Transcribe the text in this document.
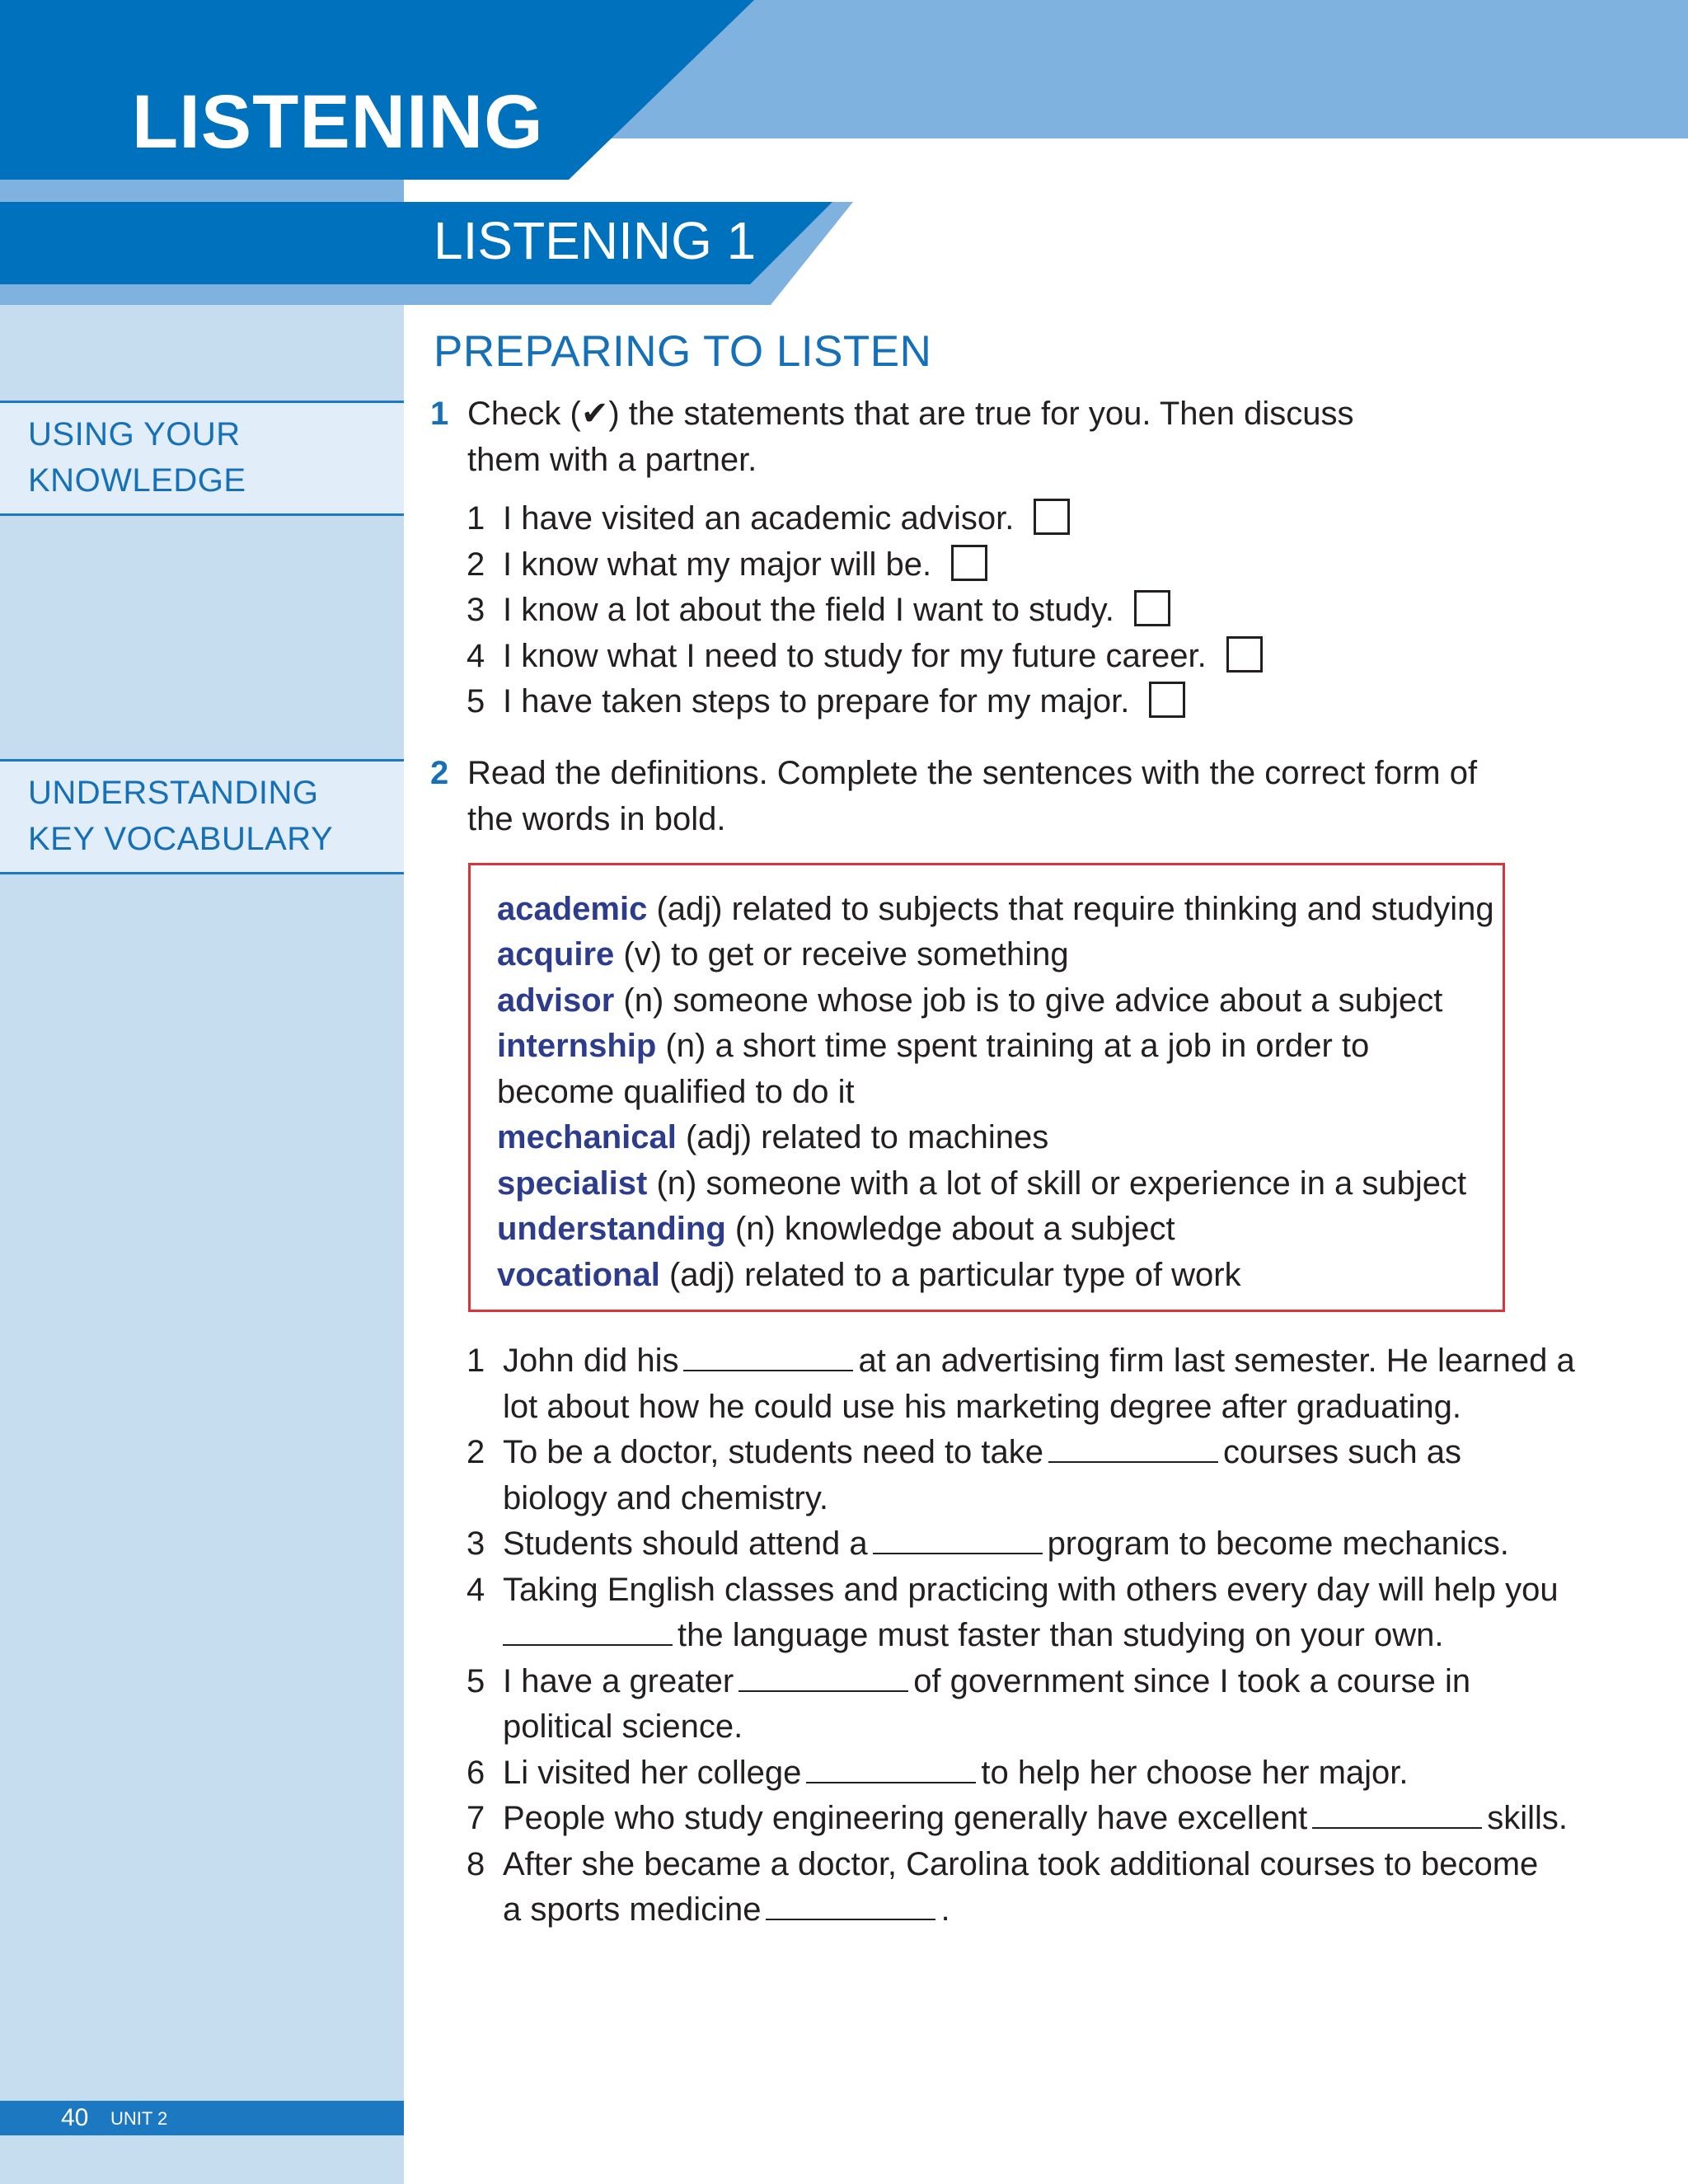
LISTENING
LISTENING 1
USING YOUR
KNOWLEDGE
UNDERSTANDING
KEY VOCABULARY
PREPARING TO LISTEN
1 Check (✔) the statements that are true for you. Then discuss
them with a partner.
1 I have visited an academic advisor.
2 I know what my major will be.
3 I know a lot about the field I want to study.
4 I know what I need to study for my future career.
5 I have taken steps to prepare for my major.
2 Read the definitions. Complete the sentences with the correct form of
the words in bold.
academic (adj) related to subjects that require thinking and studying
acquire (v) to get or receive something
advisor (n) someone whose job is to give advice about a subject
internship (n) a short time spent training at a job in order to
become qualified to do it
mechanical (adj) related to machines
specialist (n) someone with a lot of skill or experience in a subject
understanding (n) knowledge about a subject
vocational (adj) related to a particular type of work
1 John did his	at an advertising firm last semester. He learned a
lot about how he could use his marketing degree after graduating.
2 To be a doctor, students need to take	courses such as
biology and chemistry.
3 Students should attend a	program to become mechanics.
4 Taking English classes and practicing with others every day will help you
the language must faster than studying on your own.
5 I have a greater	of government since I took a course in
political science.
6 Li visited her college	to help her choose her major.
7 People who study engineering generally have excellent	skills.
8 After she became a doctor, Carolina took additional courses to become
a sports medicine	.
40 UNIT 2
